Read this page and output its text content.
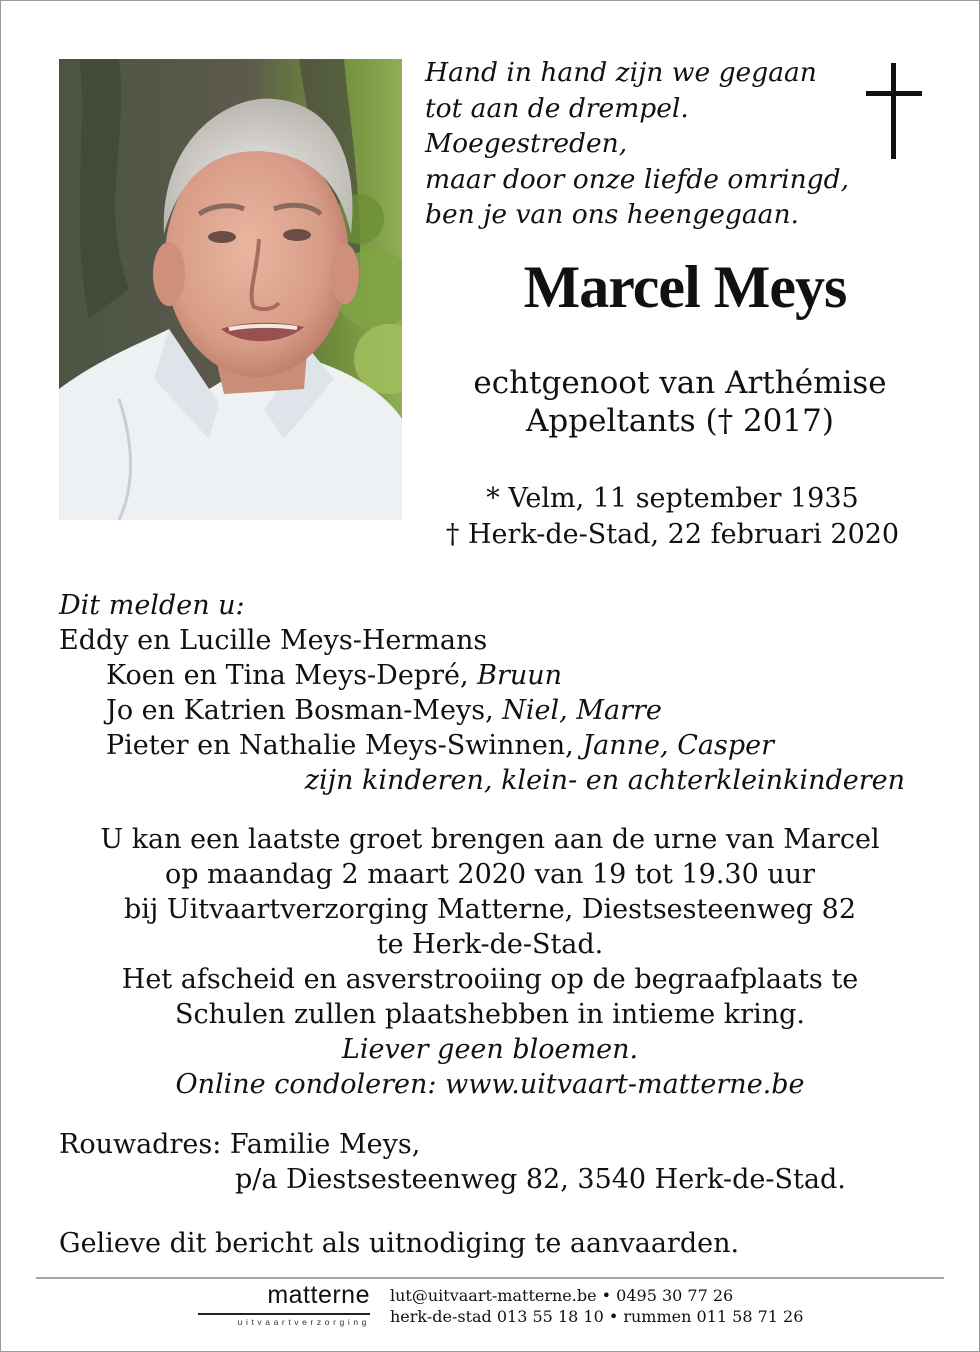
Hand in hand zijn we gegaan
tot aan de drempel.
Moegestreden,
maar door onze liefde omringd,
ben je van ons heengegaan.
Marcel Meys
echtgenoot van Arthémise
Appeltants († 2017)
* Velm, 11 september 1935
† Herk-de-Stad, 22 februari 2020
Dit melden u:
Eddy en Lucille Meys-Hermans
Koen en Tina Meys-Depré, Bruun
Jo en Katrien Bosman-Meys, Niel, Marre
Pieter en Nathalie Meys-Swinnen, Janne, Casper
zijn kinderen, klein- en achterkleinkinderen
U kan een laatste groet brengen aan de urne van Marcel
op maandag 2 maart 2020 van 19 tot 19.30 uur
bij Uitvaartverzorging Matterne, Diestsesteenweg 82
te Herk-de-Stad.
Het afscheid en asverstrooiing op de begraafplaats te
Schulen zullen plaatshebben in intieme kring.
Liever geen bloemen.
Online condoleren: www.uitvaart-matterne.be
Rouwadres: Familie Meys,
p/a Diestsesteenweg 82, 3540 Herk-de-Stad.
Gelieve dit bericht als uitnodiging te aanvaarden.
matterne
uitvaartverzorging
lut@uitvaart-matterne.be • 0495 30 77 26
herk-de-stad 013 55 18 10 • rummen 011 58 71 26
